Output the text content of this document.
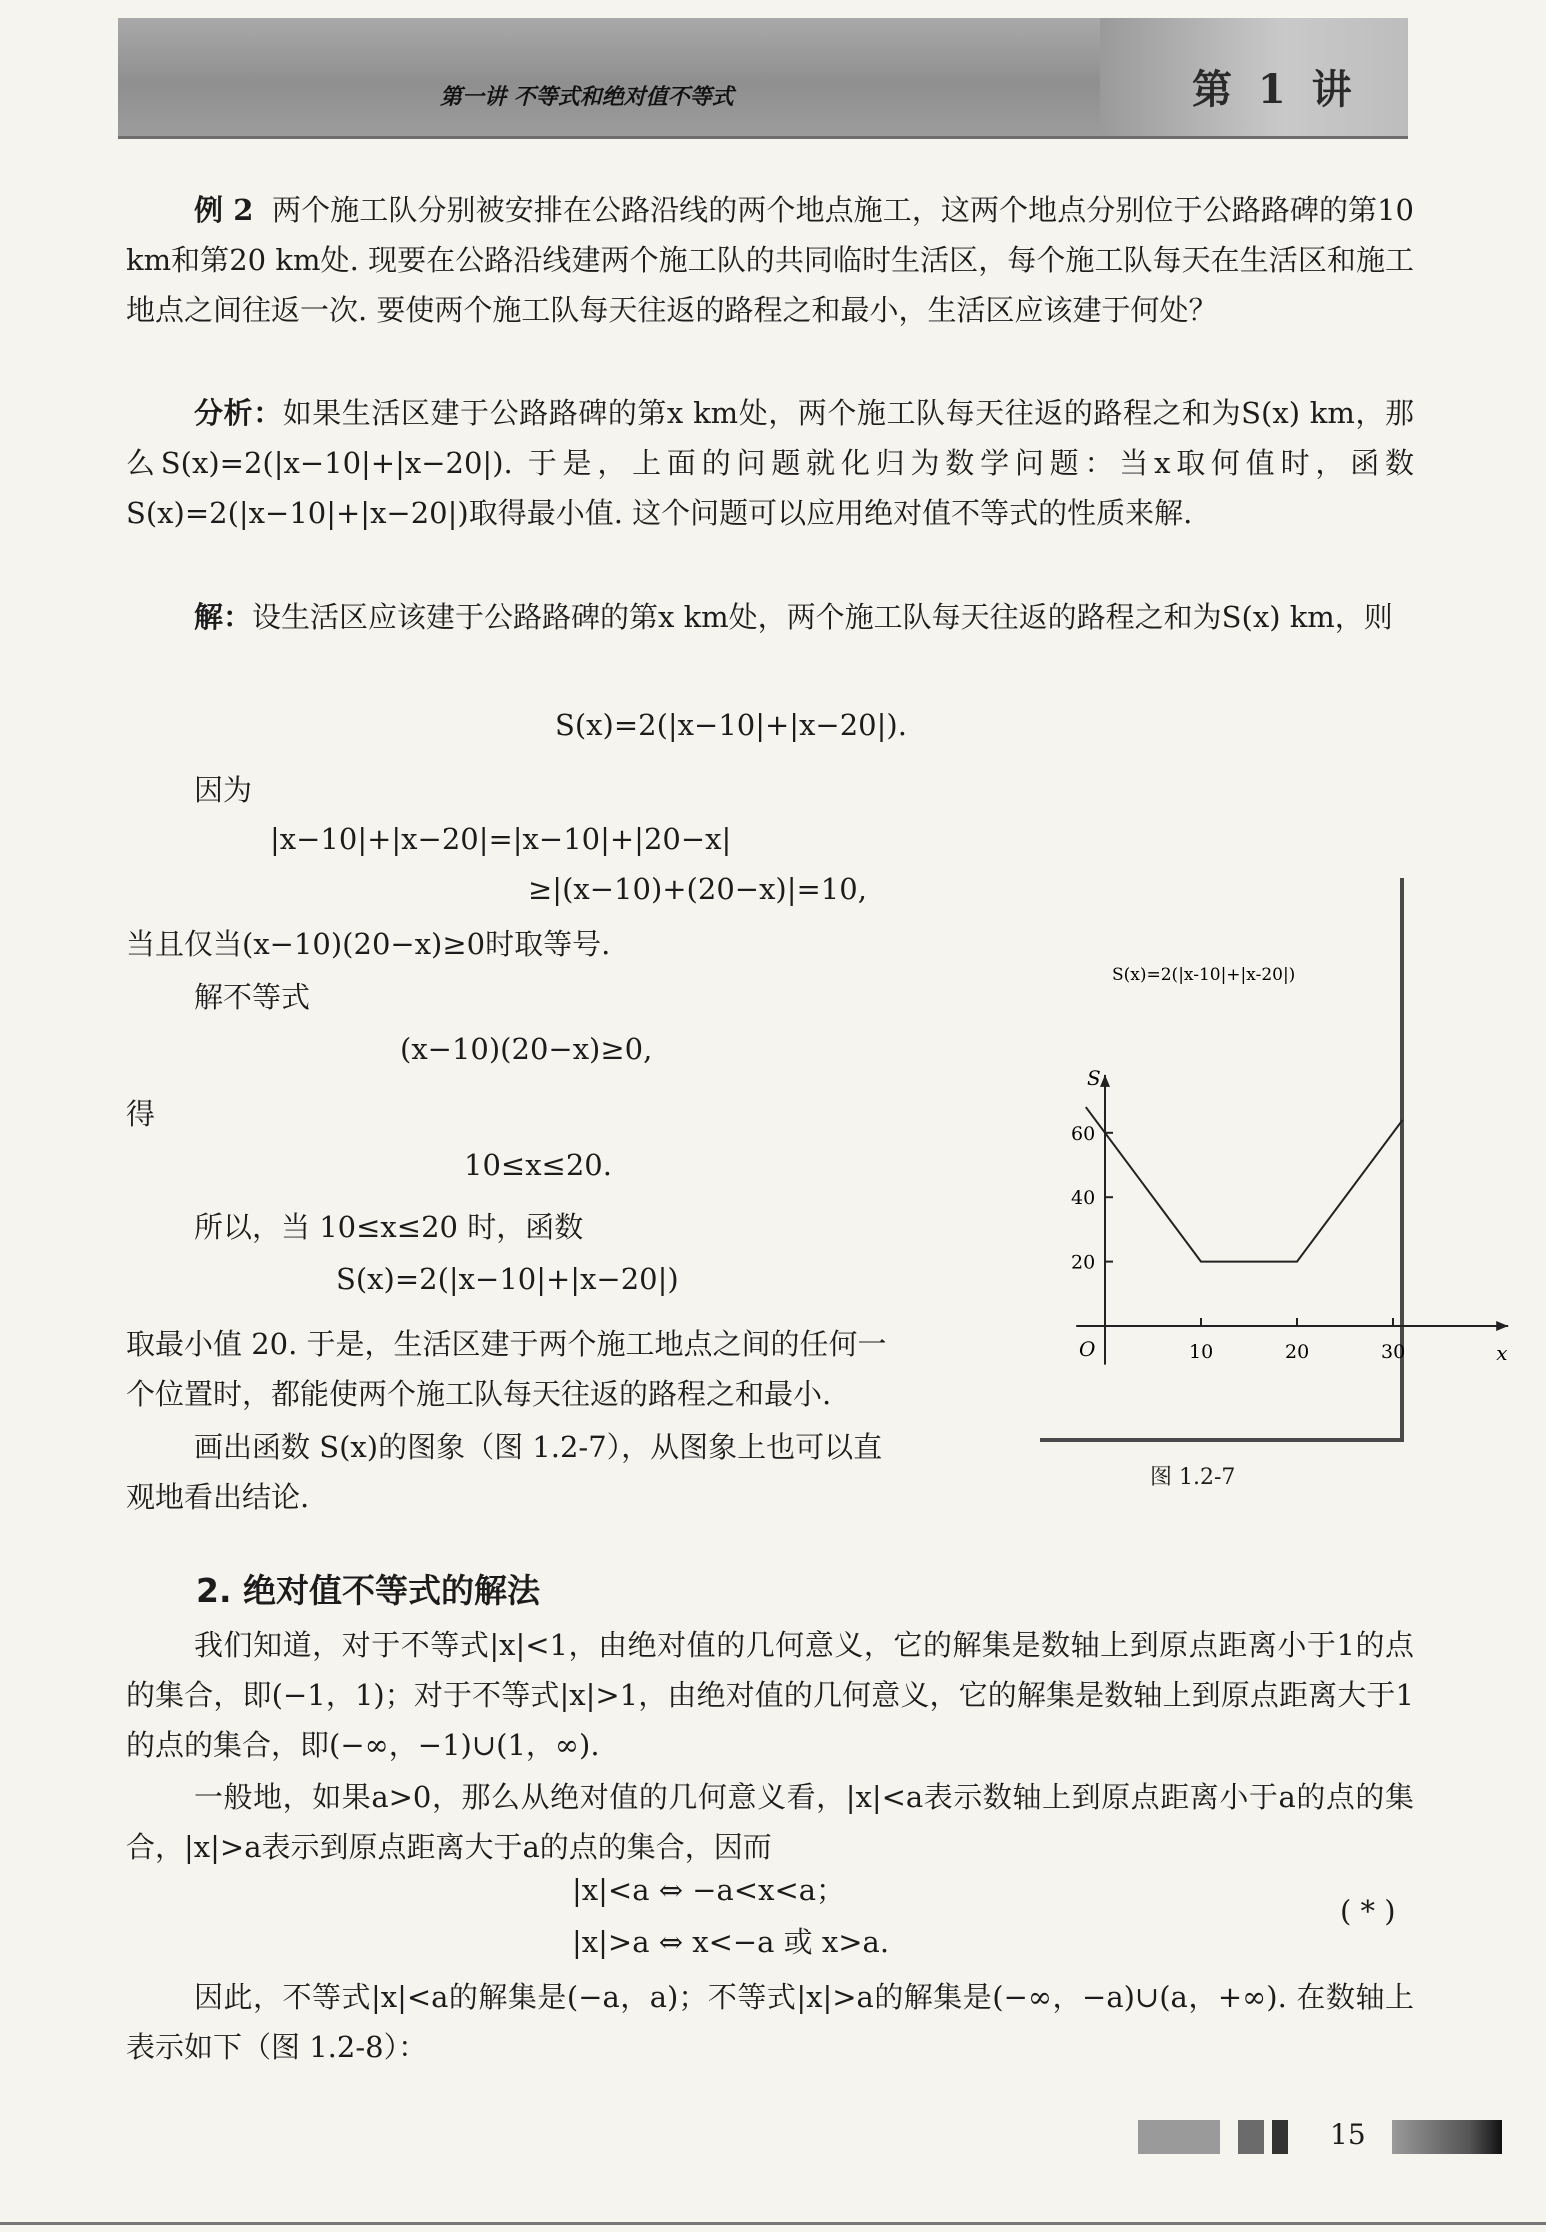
第一讲 不等式和绝对值不等式	第 1 讲

例 2 两个施工队分别被安排在公路沿线的两个地点施工，这两个地点分别位于公路路碑的第10 km和第20 km处. 现要在公路沿线建两个施工队的共同临时生活区，每个施工队每天在生活区和施工地点之间往返一次. 要使两个施工队每天往返的路程之和最小，生活区应该建于何处？

分析：如果生活区建于公路路碑的第x km处，两个施工队每天往返的路程之和为S(x) km，那么S(x)=2(|x−10|+|x−20|). 于是，上面的问题就化归为数学问题：当x取何值时，函数S(x)=2(|x−10|+|x−20|)取得最小值. 这个问题可以应用绝对值不等式的性质来解.

解：设生活区应该建于公路路碑的第x km处，两个施工队每天往返的路程之和为S(x) km，则

S(x)=2(|x−10|+|x−20|).
因为
|x−10|+|x−20|=|x−10|+|20−x|
≥|(x−10)+(20−x)|=10,
当且仅当(x−10)(20−x)≥0时取等号.
解不等式
(x−10)(20−x)≥0,
得
10≤x≤20.
所以，当 10≤x≤20 时，函数
S(x)=2(|x−10|+|x−20|)
取最小值 20. 于是，生活区建于两个施工地点之间的任何一
个位置时，都能使两个施工队每天往返的路程之和最小.
画出函数 S(x)的图象（图 1.2-7），从图象上也可以直
观地看出结论.
S
x
O
20
40
60
10	20	30
S(x)=2(|x-10|+|x-20|)
图 1.2-7
2. 绝对值不等式的解法

我们知道，对于不等式|x|<1，由绝对值的几何意义，它的解集是数轴上到原点距离小于1的点的集合，即(−1，1)；对于不等式|x|>1，由绝对值的几何意义，它的解集是数轴上到原点距离大于1的点的集合，即(−∞，−1)∪(1，∞).

一般地，如果a>0，那么从绝对值的几何意义看，|x|<a表示数轴上到原点距离小于a的点的集合，|x|>a表示到原点距离大于a的点的集合，因而

|x|<a ⇔ −a<x<a；
|x|>a ⇔ x<−a 或 x>a.
( * )

因此，不等式|x|<a的解集是(−a，a)；不等式|x|>a的解集是(−∞，−a)∪(a，+∞). 在数轴上表示如下（图 1.2-8）：

15
